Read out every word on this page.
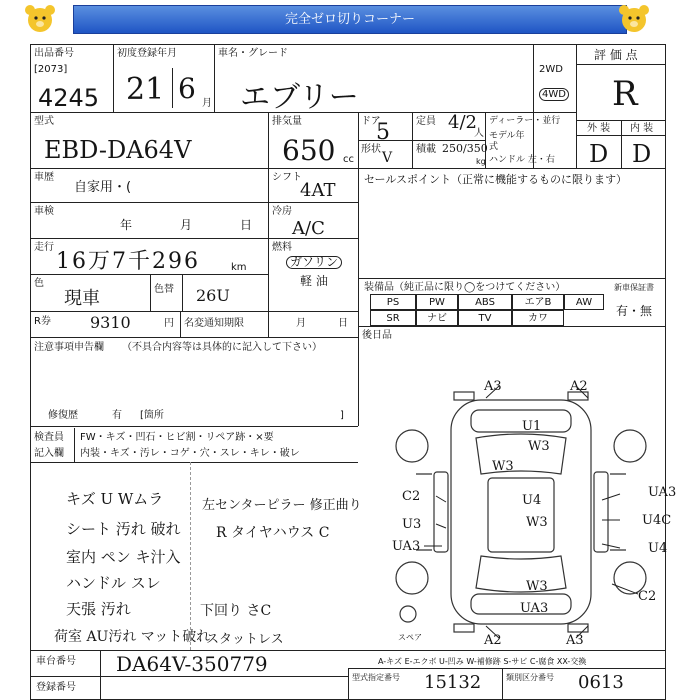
完全ゼロ切りコーナー
出品番号
[2073]
4245
初度登録年月
21 6 月
車名・グレード
エブリー
2WD
4WD
評 価 点
R
外 装 内 装
D D
型式
EBD-DA64V
排気量
650 cc
ドア
5	定員 4/2
人
ディーラー・並行
モデル年式
形状
V
積載 250/350
kg ハンドル 左・右
車歴
自家用・(
シフト
4AT
セールスポイント（正常に機能するものに限ります）
車検
年	月	日
冷房
A/C
走行
16万7千296	km
燃料
ガソリン
軽 油
色
現車	色替 26U
R券 9310	円 名変通知期限	月	日
装備品（純正品に限り◯をつけてください）	新車保証書
PS	PW	ABS	エアB	AW
SR	ナビ	TV	カワ
有・無
後日品
注意事項申告欄 （不具合内容等は具体的に記入して下さい）
修復歴	有 [箇所	]
検査員 FW・キズ・凹石・ヒビ割・リペア跡・×要
記入欄 内装・キズ・汚レ・コゲ・穴・スレ・キレ・破レ
キズ U Wムラ	左センターピラー 修正曲り
シート 汚れ 破れ	R タイヤハウス C
室内 ペン キ汁入
ハンドル スレ
天張 汚れ	下回り さC
荷室 AU汚れ マット破れ
スタットレス
車台番号 DA64V-350779
登録番号
A-キズ E-エクボ U-凹み W-補修跡 S-サビ C-腐食 XX-交換
型式指定番号 15132	類別区分番号 0613
A3	A2
U1
W3
W3
U4
W3
C2
U3
UA3
UA3
U4C
U4
W3
UA3
C2
A2	A3
スペア
